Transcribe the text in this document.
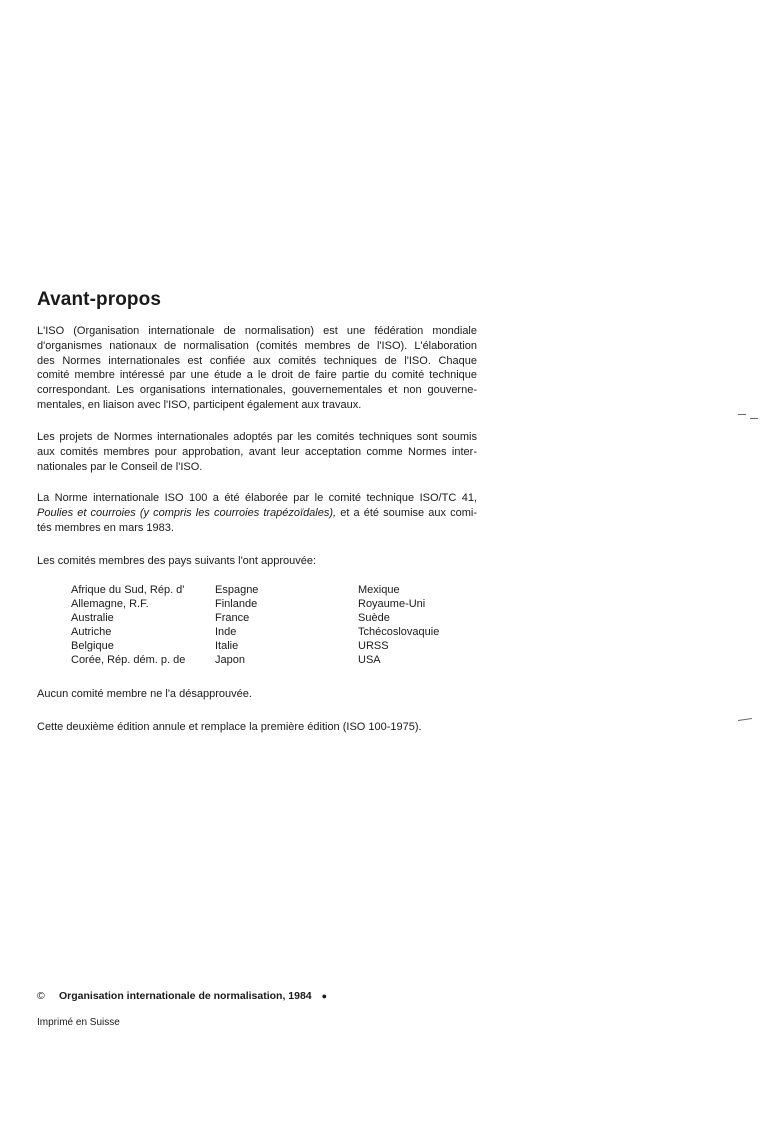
Avant-propos
L'ISO (Organisation internationale de normalisation) est une fédération mondiale
d'organismes nationaux de normalisation (comités membres de l'ISO). L'élaboration
des Normes internationales est confiée aux comités techniques de l'ISO. Chaque
comité membre intéressé par une étude a le droit de faire partie du comité technique
correspondant. Les organisations internationales, gouvernementales et non gouverne-
mentales, en liaison avec l'ISO, participent également aux travaux.
Les projets de Normes internationales adoptés par les comités techniques sont soumis
aux comités membres pour approbation, avant leur acceptation comme Normes inter-
nationales par le Conseil de l'ISO.
La Norme internationale ISO 100 a été élaborée par le comité technique ISO/TC 41,
Poulies et courroies (y compris les courroies trapézoïdales), et a été soumise aux comi-
tés membres en mars 1983.
Les comités membres des pays suivants l'ont approuvée:
Afrique du Sud, Rép. d'
Allemagne, R.F.
Australie
Autriche
Belgique
Corée, Rép. dém. p. de
Espagne
Finlande
France
Inde
Italie
Japon
Mexique
Royaume-Uni
Suède
Tchécoslovaquie
URSS
USA
Aucun comité membre ne l'a désapprouvée.
Cette deuxième édition annule et remplace la première édition (ISO 100-1975).
© Organisation internationale de normalisation, 1984 ●
Imprimé en Suisse
